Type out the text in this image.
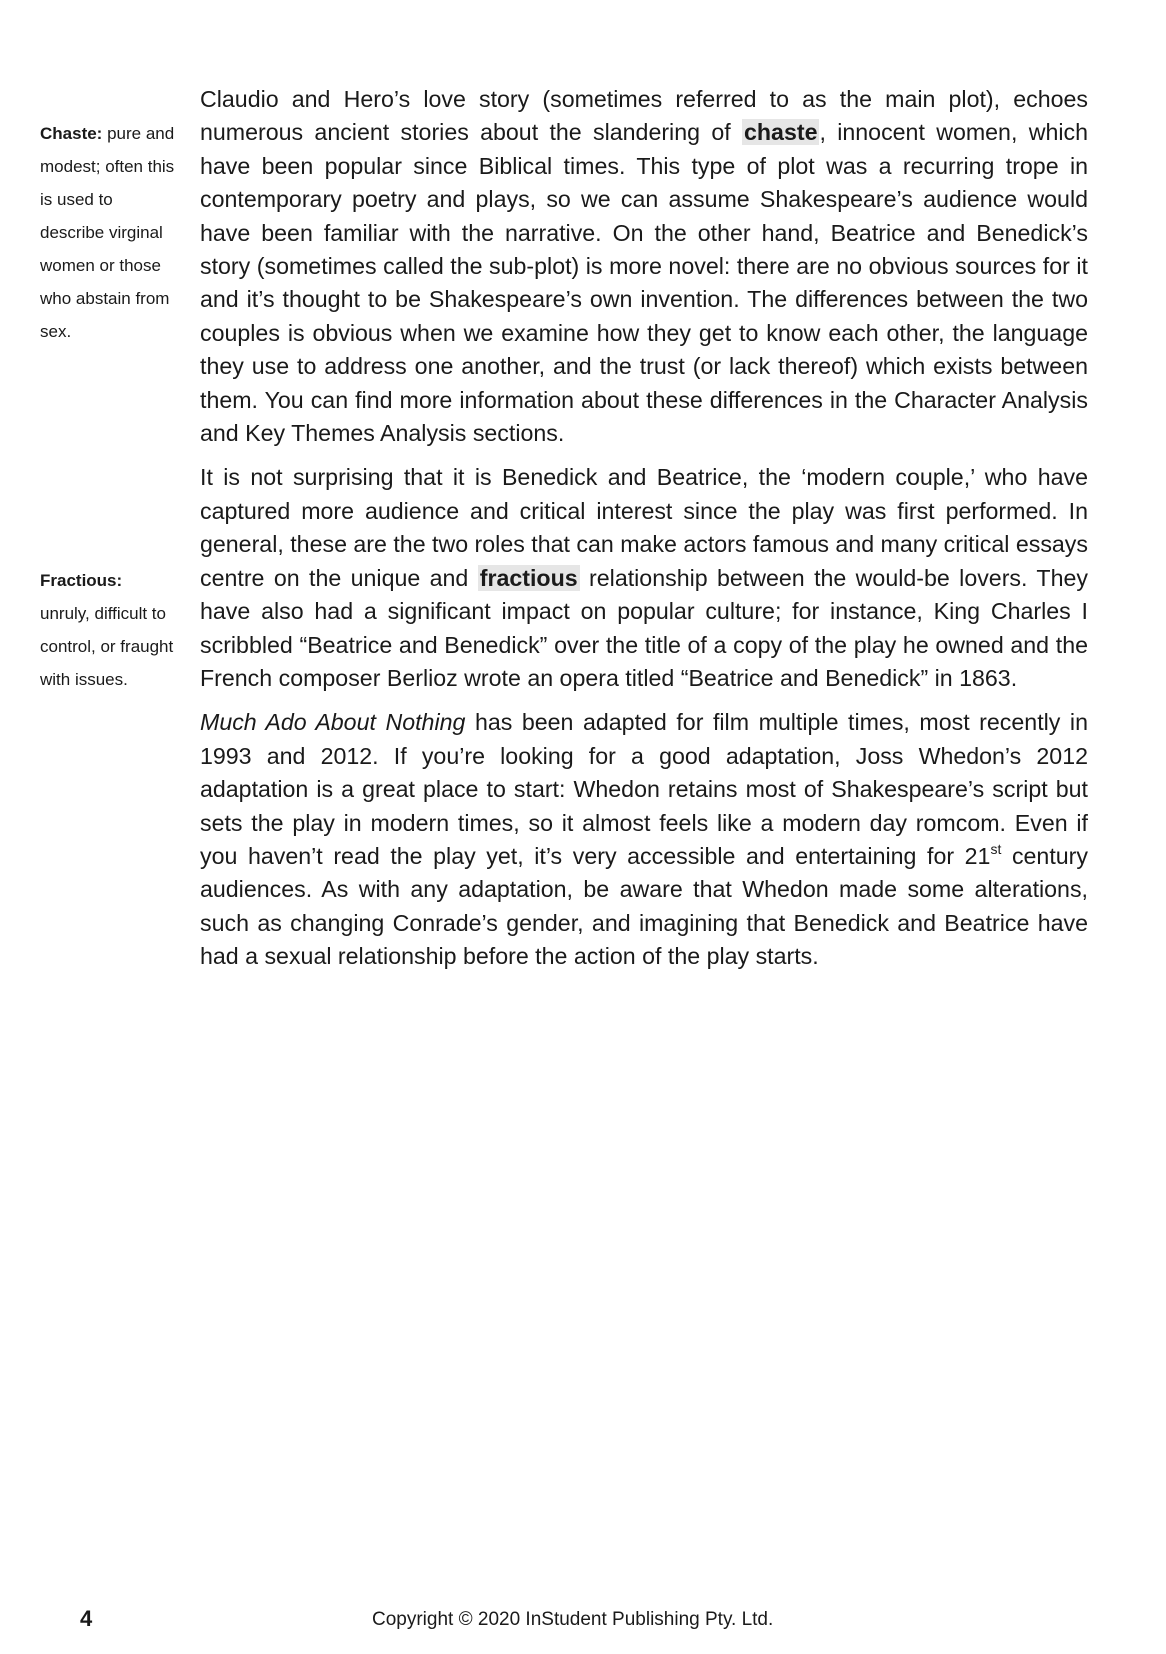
Chaste: pure and modest; often this is used to describe virginal women or those who abstain from sex.
Fractious:
unruly, difficult to control, or fraught with issues.

Claudio and Hero’s love story (sometimes referred to as the main plot), echoes numerous ancient stories about the slandering of chaste, innocent women, which have been popular since Biblical times. This type of plot was a recurring trope in contemporary poetry and plays, so we can assume Shakespeare’s audience would have been familiar with the narrative. On the other hand, Beatrice and Benedick’s story (sometimes called the sub-plot) is more novel: there are no obvious sources for it and it’s thought to be Shakespeare’s own invention. The differences between the two couples is obvious when we examine how they get to know each other, the language they use to address one another, and the trust (or lack thereof) which exists between them. You can find more information about these differences in the Character Analysis and Key Themes Analysis sections.

It is not surprising that it is Benedick and Beatrice, the ‘modern couple,’ who have captured more audience and critical interest since the play was first performed. In general, these are the two roles that can make actors famous and many critical essays centre on the unique and fractious relationship between the would-be lovers. They have also had a significant impact on popular culture; for instance, King Charles I scribbled “Beatrice and Benedick” over the title of a copy of the play he owned and the French composer Berlioz wrote an opera titled “Beatrice and Benedick” in 1863.

Much Ado About Nothing has been adapted for film multiple times, most recently in 1993 and 2012. If you’re looking for a good adaptation, Joss Whedon’s 2012 adaptation is a great place to start: Whedon retains most of Shakespeare’s script but sets the play in modern times, so it almost feels like a modern day romcom. Even if you haven’t read the play yet, it’s very accessible and entertaining for 21st century audiences. As with any adaptation, be aware that Whedon made some alterations, such as changing Conrade’s gender, and imagining that Benedick and Beatrice have had a sexual relationship before the action of the play starts.

4	Copyright © 2020 InStudent Publishing Pty. Ltd.
